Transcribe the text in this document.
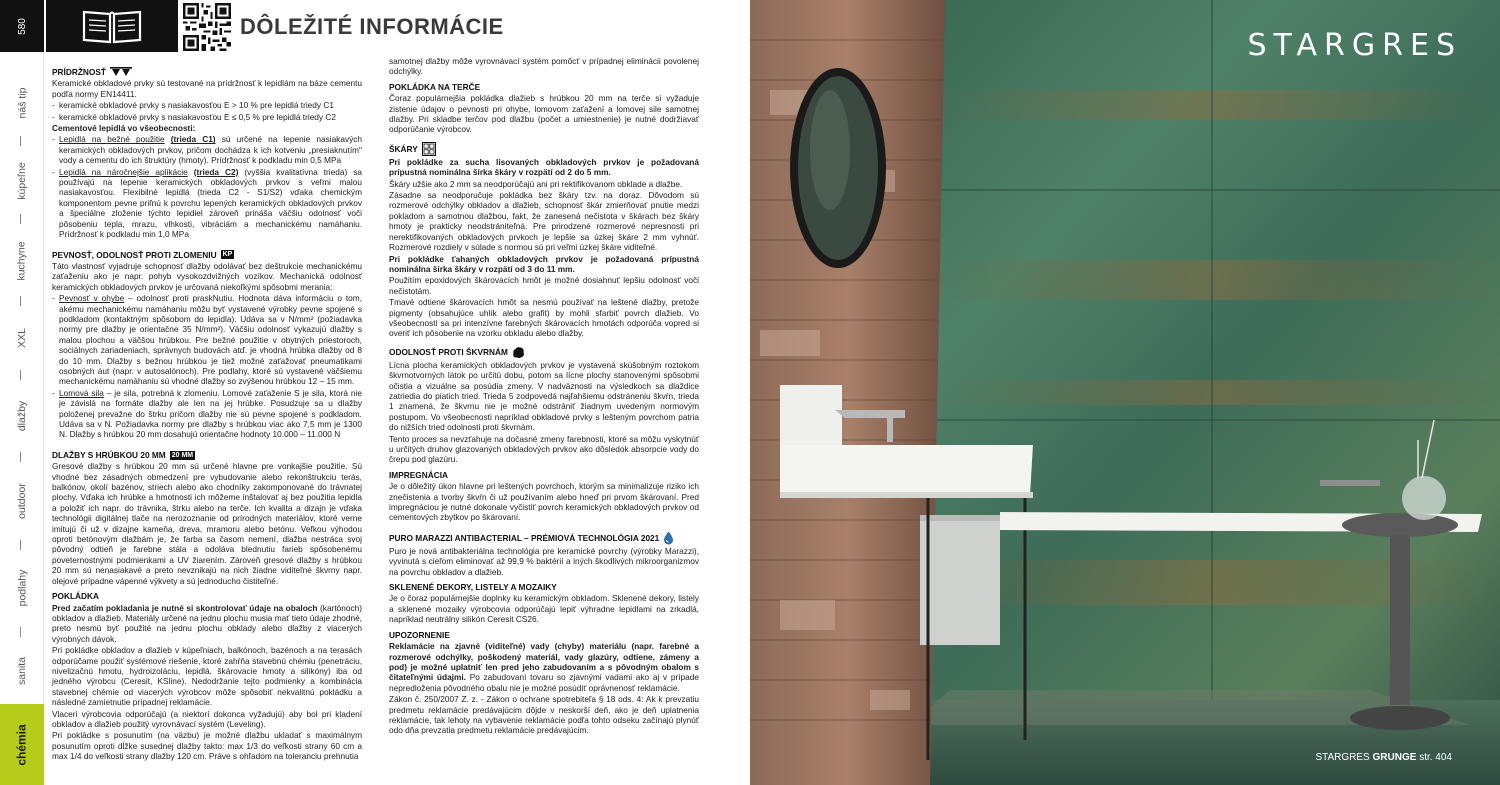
580
náš tip
kúpeľne
kuchyne
XXL
dlažby
outdoor
podlahy
sanita
chémia
DÔLEŽITÉ INFORMÁCIE
PRÍDRŽNOSŤ

Keramické obkladové prvky sú testované na prídržnosť k lepidlám na báze cementu podľa normy EN14411.

- keramické obkladové prvky s nasiakavosťou E > 10 % pre lepidlá triedy C1

- keramické obkladové prvky s nasiakavosťou E ≤ 0,5 % pre lepidlá triedy C2

Cementové lepidlá vo všeobecnosti:

- Lepidlá na bežné použitie (trieda C1) sú určené na lepenie nasiakavých keramických obkladových prvkov, pričom dochádza k ich kotveniu „presiaknutím" vody a cementu do ich štruktúry (hmoty). Prídržnosť k podkladu min 0,5 MPa

- Lepidlá na náročnejšie aplikácie (trieda C2) (vyššia kvalitatívna trieda) sa používajú na lepenie keramických obkladových prvkov s veľmi malou nasiakavosťou. Flexibilné lepidlá (trieda C2 - S1/S2) vďaka chemickým komponentom pevne priľnú k povrchu lepených keramických obkladových prvkov a špeciálne zloženie týchto lepidiel zároveň prináša väčšiu odolnosť voči pôsobeniu tepla, mrazu, vlhkosti, vibráciám a mechanickému namáhaniu. Prídržnosť k podkladu min 1,0 MPa

PEVNOSŤ, ODOLNOSŤ PROTI ZLOMENIU KP

Táto vlastnosť vyjadruje schopnosť dlažby odolávať bez deštrukcie mechanickému zaťaženiu ako je napr. pohyb vysokozdvižných vozíkov. Mechanická odolnosť keramických obkladových prvkov je určovaná niekoľkými spôsobmi merania:

- Pevnosť v ohybe – odolnosť proti praskNutiu. Hodnota dáva informáciu o tom, akému mechanickému namáhaniu môžu byť vystavené výrobky pevne spojené s podkladom (kontaktným spôsobom do lepidla). Udáva sa v N/mm² (požiadavka normy pre dlažby je orientačne 35 N/mm²). Väčšiu odolnosť vykazujú dlažby s malou plochou a väčšou hrúbkou. Pre bežné použitie v obytných priestoroch, sociálnych zariadeniach, správnych budovách atď. je vhodná hrúbka dlažby od 8 do 10 mm. Dlažby s bežnou hrúbkou je tiež možné zaťažovať pneumatikami osobných áut (napr. v autosalónoch). Pre podlahy, ktoré sú vystavené väčšiemu mechanickému namáhaniu sú vhodné dlažby so zvýšenou hrúbkou 12 – 15 mm.

- Lomová sila – je sila, potrebná k zlomeniu. Lomové zaťaženie S je sila, ktorá nie je závislá na formáte dlažby ale len na jej hrúbke. Posudzuje sa u dlažby položenej prevažne do štrku pričom dlažby nie sú pevne spojené s podkladom. Udáva sa v N. Požiadavka normy pre dlažby s hrúbkou viac ako 7,5 mm je 1300 N. Dlažby s hrúbkou 20 mm dosahujú orientačne hodnoty 10.000 – 11.000 N

DLAŽBY S HRÚBKOU 20 MM 20 MM

Gresové dlažby s hrúbkou 20 mm sú určené hlavne pre vonkajšie použitie. Sú vhodné bez zásadných obmedzení pre vybudovanie alebo rekonštrukciu terás, balkónov, okolí bazénov, striech alebo ako chodníky zakomponované do trávnatej plochy. Vďaka ich hrúbke a hmotnosti ich môžeme inštalovať aj bez použitia lepidla a položiť ich napr. do trávnika, štrku alebo na terče. Ich kvalita a dizajn je vďaka technológii digitálnej tlače na nerozoznanie od prírodných materiálov, ktoré verne imitujú či už v dizajne kameňa, dreva, mramoru alebo betónu. Veľkou výhodou oproti betónovým dlažbám je, že farba sa časom nemení, dlažba nestráca svoj pôvodný odtieň je farebne stála a odoláva blednutiu farieb spôsobenému poveternostnými podmienkami a UV žiarením. Zároveň gresové dlažby s hrúbkou 20 mm sú nenasiakavé a preto nevznikajú na nich žiadne viditeľné škvrny napr. olejové prípadne vápenné výkvety a sú jednoducho čistiteľné.

POKLÁDKA

Pred začatím pokladania je nutné si skontrolovať údaje na obaloch (kartónoch) obkladov a dlažieb. Materiály určené na jednu plochu musia mať tieto údaje zhodné, preto nesmú byť použité na jednu plochu obklady alebo dlažby z viacerých výrobných dávok.

Pri pokládke obkladov a dlažieb v kúpeľniach, balkónoch, bazénoch a na terasách odporúčame použiť systémové riešenie, ktoré zahŕňa stavebnú chémiu (penetráciu, nivelizačnú hmotu, hydroizoláciu, lepidlá, škárovacie hmoty a silikóny) iba od jedného výrobcu (Ceresit, KSline). Nedodržanie tejto podmienky a kombinácia stavebnej chémie od viacerých výrobcov môže spôsobiť nekvalitnú pokládku a následné zamietnutie prípadnej reklamácie.

Vlaceri výrobcovia odporúčajú (a niektorí dokonca vyžadujú) aby bol pri kladení obkladov a dlažieb použitý vyrovnávací systém (Leveling).

Pri pokládke s posunutím (na väzbu) je možné dlažbu ukladať s maximálnym posunutím oproti dĺžke susednej dlažby takto: max 1/3 do veľkosti strany 60 cm a max 1/4 do veľkosti strany dlažby 120 cm. Práve s ohľadom na toleranciu prehnutia

samotnej dlažby môže vyrovnávací systém pomôcť v prípadnej eliminácii povolenej odchýlky.

POKLÁDKA NA TERČE

Čoraz populárnejšia pokládka dlažieb s hrúbkou 20 mm na terče si vyžaduje zistenie údajov o pevnosti pri ohybe, lomovom zaťažení a lomovej sile samotnej dlažby. Pri skladbe terčov pod dlažbu (počet a umiestnenie) je nutné dodržiavať odporúčanie výrobcov.

ŠKÁRY

Pri pokládke za sucha lisovaných obkladových prvkov je požadovaná prípustná nominálna šírka škáry v rozpätí od 2 do 5 mm.

Škáry užšie ako 2 mm sa neodporúčajú ani pri rektifikovanom obklade a dlažbe.

Zásadne sa neodporučuje pokládka bez škáry tzv. na doraz. Dôvodom sú rozmerové odchýlky obkladov a dlažieb, schopnosť škár zmierňovať pnutie medzi pokladom a samotnou dlažbou, fakt, že zanesená nečistota v škárach bez škáry hmoty je prakticky neodstrániteľná. Pre prirodzené rozmerové nepresnosti pri nerektifikovaných obkladových prvkoch je lepšie sa úzkej škáre 2 mm vyhnúť. Rozmerové rozdiely v súlade s normou sú pri veľmi úzkej škáre viditeľné.

Pri pokládke ťahaných obkladových prvkov je požadovaná prípustná nominálna šírka škáry v rozpätí od 3 do 11 mm.

Použitím epoxidových škárovacích hmôt je možné dosiahnuť lepšiu odolnosť voči nečistotám.

Tmavé odtiene škárovacích hmôt sa nesmú používať na leštené dlažby, pretože pigmenty (obsahujúce uhlík alebo grafit) by mohli sfarbiť povrch dlažieb. Vo všeobecnosti sa pri intenzívne farebných škárovacích hmotách odporúča vopred si overiť ich pôsobenie na vzorku obkladu alebo dlažby.

ODOLNOSŤ PROTI ŠKVRNÁM

Lícna plocha keramických obkladových prvkov je vystavená skúšobným roztokom škvrnotvorných látok po určitú dobu, potom sa lícne plochy stanovenými spôsobmi očistia a vizuálne sa posúdia zmeny. V nadväznosti na výsledkoch sa dlaždice zatriedia do piatich tried. Trieda 5 zodpovedá najľahšiemu odstráneniu škvŕn, trieda 1 znamená, že škvrnu nie je možné odstrániť žiadnym uvedeným normovým postupom. Vo všeobecnosti napríklad obkladové prvky s lešteným povrchom patria do nižších tried odolnosti proti škvrnám.

Tento proces sa nevzťahuje na dočasné zmeny farebnosti, ktoré sa môžu vyskytnúť u určitých druhov glazovaných obkladových prvkov ako dôsledok absorpcie vody do črepu pod glazúru.

IMPREGNÁCIA

Je o dôležitý úkon hlavne pri leštených povrchoch, ktorým sa minimalizuje riziko ich znečistenia a tvorby škvŕn či už používaním alebo hneď pri prvom škárovaní. Pred impregnáciou je nutné dokonale vyčistiť povrch keramických obkladových prvkov od cementových zbytkov po škárovaní.

PURO MARAZZI ANTIBACTERIAL – PRÉMIOVÁ TECHNOLÓGIA 2021

Puro je nová antibakteriálna technológia pre keramické povrchy (výrobky Marazzi), vyvinutá s cieľom eliminovať až 99,9 % baktérií a iných škodlivých mikroorganizmov na povrchu obkladov a dlažieb.

SKLENENÉ DEKORY, LISTELY A MOZAIKY

Je o čoraz populárnejšie doplnky ku keramickým obkladom. Sklenené dekory, listely a sklenené mozaiky výrobcovia odporúčajú lepiť výhradne lepidlami na zrkadlá, napríklad neutrálny silikón Ceresit CS26.

UPOZORNENIE

Reklamácie na zjavné (viditeľné) vady (chyby) materiálu (napr. farebné a rozmerové odchýlky, poškodený materiál, vady glazúry, odtiene, zámeny a pod) je možné uplatniť len pred jeho zabudovaním a s pôvodným obalom s čitateľnými údajmi. Po zabudovaní tovaru so zjavnými vadami ako aj v prípade nepredloženia pôvodného obalu nie je možné posúdiť oprávnenosť reklamácie.

Zákon č. 250/2007 Z. z. - Zákon o ochrane spotrebiteľa § 18 ods. 4: Ak k prevzatiu predmetu reklamácie predávajúcim dôjde v neskorší deň, ako je deň uplatnenia reklamácie, tak lehoty na vybavenie reklamácie podľa tohto odseku začínajú plynúť odo dňa prevzatia predmetu reklamácie predávajúcim.

STARGRES
STARGRES GRUNGE str. 404
